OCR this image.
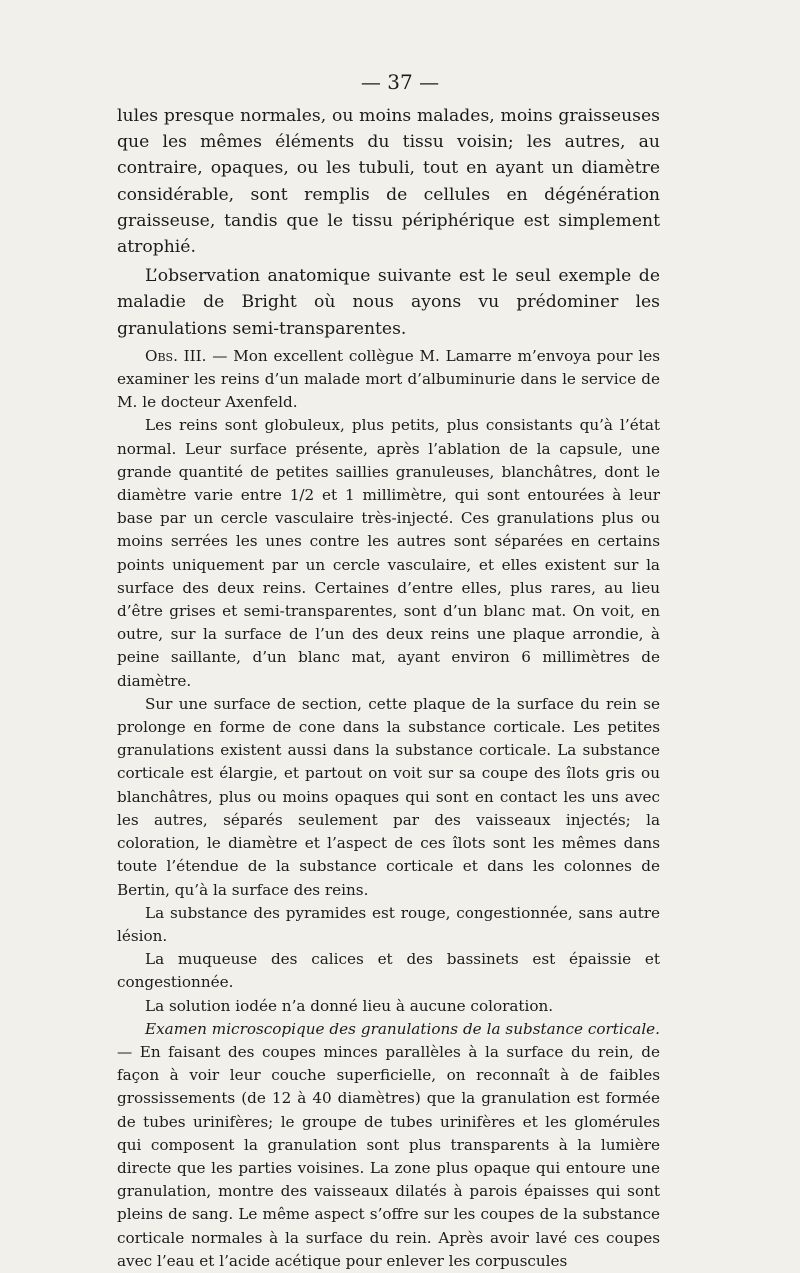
— 37 —

lules presque normales, ou moins malades, moins graisseuses que les mêmes éléments du tissu voisin; les autres, au contraire, opaques, ou les tubuli, tout en ayant un diamètre considérable, sont remplis de cellules en dégénération graisseuse, tandis que le tissu périphérique est simplement atrophié.

L’observation anatomique suivante est le seul exemple de maladie de Bright où nous ayons vu prédominer les granulations semi-transparentes.

Obs. III. — Mon excellent collègue M. Lamarre m’envoya pour les examiner les reins d’un malade mort d’albuminurie dans le service de M. le docteur Axenfeld.

Les reins sont globuleux, plus petits, plus consistants qu’à l’état normal. Leur surface présente, après l’ablation de la capsule, une grande quantité de petites saillies granuleuses, blanchâtres, dont le diamètre varie entre 1/2 et 1 millimètre, qui sont entourées à leur base par un cercle vasculaire très-injecté. Ces granulations plus ou moins serrées les unes contre les autres sont séparées en certains points uniquement par un cercle vasculaire, et elles existent sur la surface des deux reins. Certaines d’entre elles, plus rares, au lieu d’être grises et semi-transparentes, sont d’un blanc mat. On voit, en outre, sur la surface de l’un des deux reins une plaque arrondie, à peine saillante, d’un blanc mat, ayant environ 6 millimètres de diamètre.

Sur une surface de section, cette plaque de la surface du rein se prolonge en forme de cone dans la substance corticale. Les petites granulations existent aussi dans la substance corticale. La substance corticale est élargie, et partout on voit sur sa coupe des îlots gris ou blanchâtres, plus ou moins opaques qui sont en contact les uns avec les autres, séparés seulement par des vaisseaux injectés; la coloration, le diamètre et l’aspect de ces îlots sont les mêmes dans toute l’étendue de la substance corticale et dans les colonnes de Bertin, qu’à la surface des reins.

La substance des pyramides est rouge, congestionnée, sans autre lésion.

La muqueuse des calices et des bassinets est épaissie et congestionnée.

La solution iodée n’a donné lieu à aucune coloration.

Examen microscopique des granulations de la substance corticale. — En faisant des coupes minces parallèles à la surface du rein, de façon à voir leur couche superficielle, on reconnaît à de faibles grossissements (de 12 à 40 diamètres) que la granulation est formée de tubes urinifères; le groupe de tubes urinifères et les glomérules qui composent la granulation sont plus transparents à la lumière directe que les parties voisines. La zone plus opaque qui entoure une granulation, montre des vaisseaux dilatés à parois épaisses qui sont pleins de sang. Le même aspect s’offre sur les coupes de la substance corticale normales à la surface du rein. Après avoir lavé ces coupes avec l’eau et l’acide acétique pour enlever les corpuscules
